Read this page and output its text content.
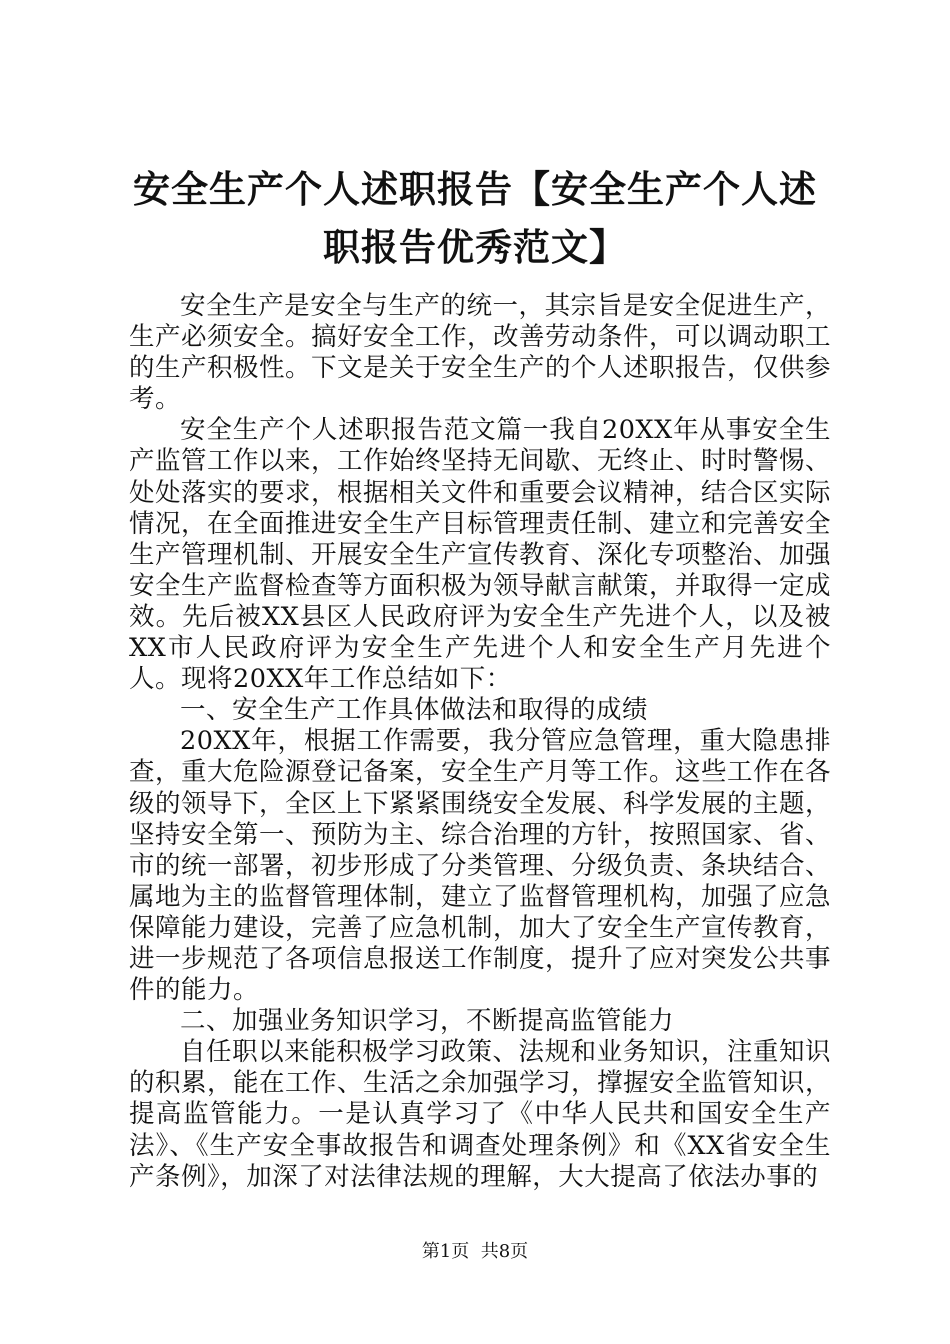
安全生产个人述职报告【安全生产个人述职报告优秀范文】

安全生产是安全与生产的统一，其宗旨是安全促进生产，生产必须安全。搞好安全工作，改善劳动条件，可以调动职工的生产积极性。下文是关于安全生产的个人述职报告，仅供参考。

安全生产个人述职报告范文篇一我自20XX年从事安全生产监管工作以来，工作始终坚持无间歇、无终止、时时警惕、处处落实的要求，根据相关文件和重要会议精神，结合区实际情况，在全面推进安全生产目标管理责任制、建立和完善安全生产管理机制、开展安全生产宣传教育、深化专项整治、加强安全生产监督检查等方面积极为领导献言献策，并取得一定成效。先后被XX县区人民政府评为安全生产先进个人，以及被XX市人民政府评为安全生产先进个人和安全生产月先进个人。现将20XX年工作总结如下：

一、安全生产工作具体做法和取得的成绩

20XX年，根据工作需要，我分管应急管理，重大隐患排查，重大危险源登记备案，安全生产月等工作。这些工作在各级的领导下，全区上下紧紧围绕安全发展、科学发展的主题，坚持安全第一、预防为主、综合治理的方针，按照国家、省、市的统一部署，初步形成了分类管理、分级负责、条块结合、属地为主的监督管理体制，建立了监督管理机构，加强了应急保障能力建设，完善了应急机制，加大了安全生产宣传教育，进一步规范了各项信息报送工作制度，提升了应对突发公共事件的能力。

二、加强业务知识学习，不断提高监管能力

自任职以来能积极学习政策、法规和业务知识，注重知识的积累，能在工作、生活之余加强学习，撑握安全监管知识，提高监管能力。一是认真学习了《中华人民共和国安全生产法》、《生产安全事故报告和调查处理条例》和《XX省安全生产条例》，加深了对法律法规的理解，大大提高了依法办事的

第1页 共8页
